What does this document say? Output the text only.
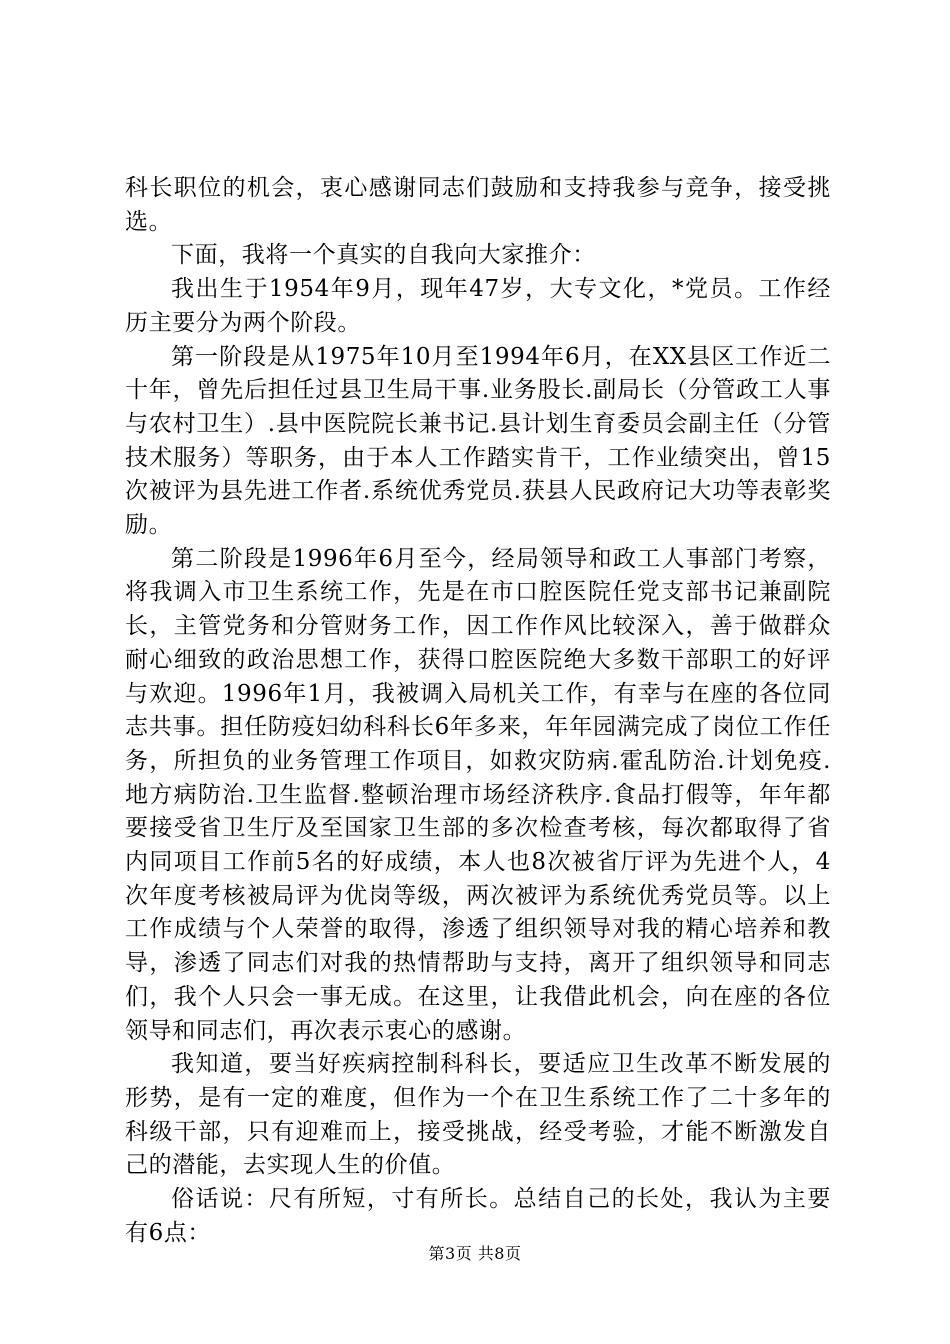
科长职位的机会，衷心感谢同志们鼓励和支持我参与竞争，接受挑选。

下面，我将一个真实的自我向大家推介：

我出生于1954年9月，现年47岁，大专文化，*党员。工作经历主要分为两个阶段。

第一阶段是从1975年10月至1994年6月，在XX县区工作近二十年，曾先后担任过县卫生局干事.业务股长.副局长（分管政工人事与农村卫生）.县中医院院长兼书记.县计划生育委员会副主任（分管技术服务）等职务，由于本人工作踏实肯干，工作业绩突出，曾15次被评为县先进工作者.系统优秀党员.获县人民政府记大功等表彰奖励。

第二阶段是1996年6月至今，经局领导和政工人事部门考察，将我调入市卫生系统工作，先是在市口腔医院任党支部书记兼副院长，主管党务和分管财务工作，因工作作风比较深入，善于做群众耐心细致的政治思想工作，获得口腔医院绝大多数干部职工的好评与欢迎。1996年1月，我被调入局机关工作，有幸与在座的各位同志共事。担任防疫妇幼科科长6年多来，年年园满完成了岗位工作任务，所担负的业务管理工作项目，如救灾防病.霍乱防治.计划免疫.地方病防治.卫生监督.整顿治理市场经济秩序.食品打假等，年年都要接受省卫生厅及至国家卫生部的多次检查考核，每次都取得了省内同项目工作前5名的好成绩，本人也8次被省厅评为先进个人，4次年度考核被局评为优岗等级，两次被评为系统优秀党员等。以上工作成绩与个人荣誉的取得，渗透了组织领导对我的精心培养和教导，渗透了同志们对我的热情帮助与支持，离开了组织领导和同志们，我个人只会一事无成。在这里，让我借此机会，向在座的各位领导和同志们，再次表示衷心的感谢。

我知道，要当好疾病控制科科长，要适应卫生改革不断发展的形势，是有一定的难度，但作为一个在卫生系统工作了二十多年的科级干部，只有迎难而上，接受挑战，经受考验，才能不断激发自己的潜能，去实现人生的价值。

俗话说：尺有所短，寸有所长。总结自己的长处，我认为主要有6点：

第3页 共8页
